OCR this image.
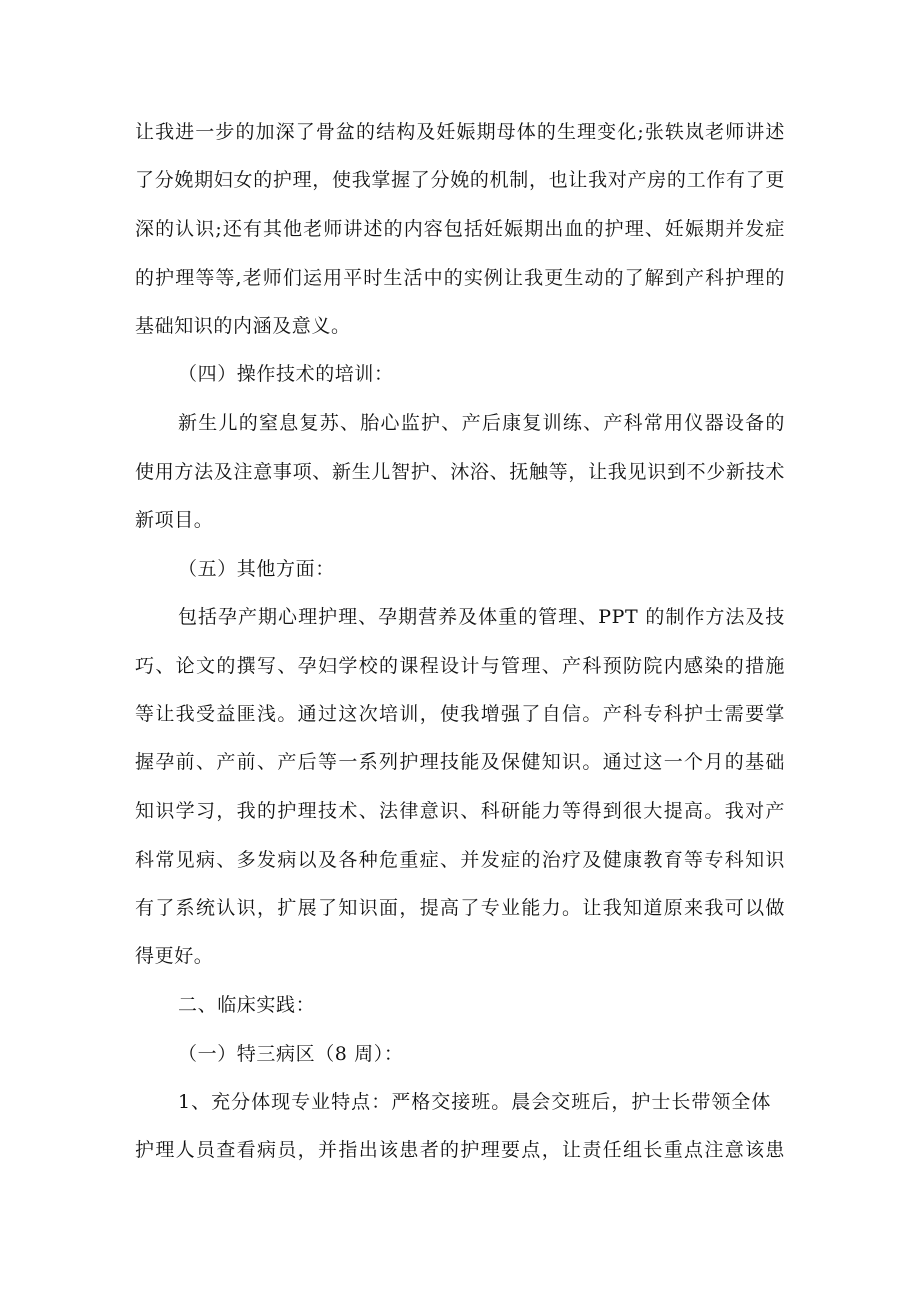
让我进一步的加深了骨盆的结构及妊娠期母体的生理变化;张轶岚老师讲述
了分娩期妇女的护理，使我掌握了分娩的机制，也让我对产房的工作有了更
深的认识;还有其他老师讲述的内容包括妊娠期出血的护理、妊娠期并发症
的护理等等,老师们运用平时生活中的实例让我更生动的了解到产科护理的
基础知识的内涵及意义。
（四）操作技术的培训：
新生儿的窒息复苏、胎心监护、产后康复训练、产科常用仪器设备的
使用方法及注意事项、新生儿智护、沐浴、抚触等，让我见识到不少新技术
新项目。
（五）其他方面：
包括孕产期心理护理、孕期营养及体重的管理、PPT 的制作方法及技
巧、论文的撰写、孕妇学校的课程设计与管理、产科预防院内感染的措施
等让我受益匪浅。通过这次培训，使我增强了自信。产科专科护士需要掌
握孕前、产前、产后等一系列护理技能及保健知识。通过这一个月的基础
知识学习，我的护理技术、法律意识、科研能力等得到很大提高。我对产
科常见病、多发病以及各种危重症、并发症的治疗及健康教育等专科知识
有了系统认识，扩展了知识面，提高了专业能力。让我知道原来我可以做
得更好。
二、临床实践：
（一）特三病区（8 周）：
1、充分体现专业特点：严格交接班。晨会交班后，护士长带领全体
护理人员查看病员，并指出该患者的护理要点，让责任组长重点注意该患
